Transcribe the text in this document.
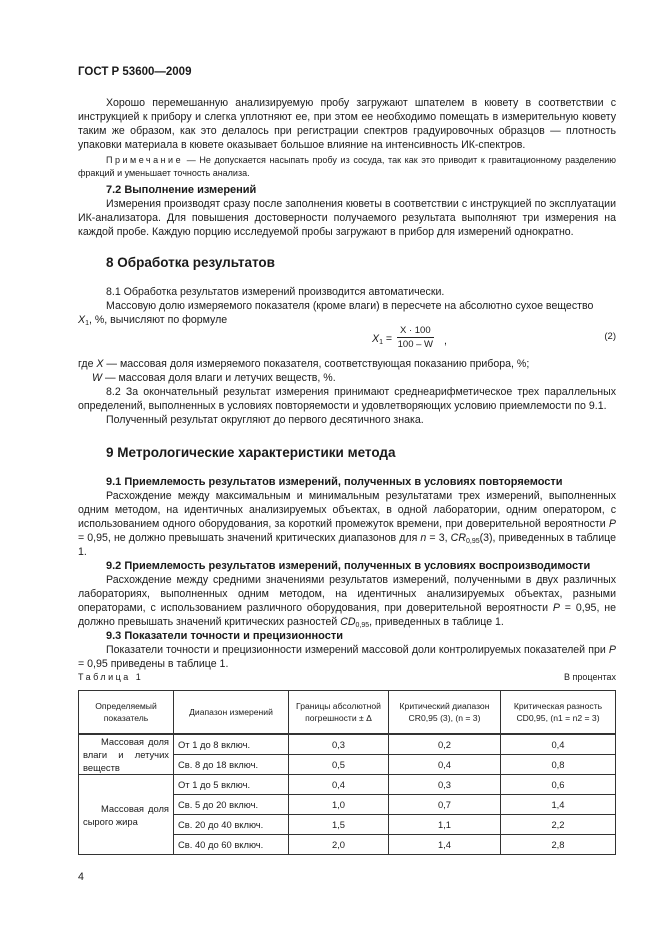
ГОСТ Р 53600—2009

Хорошо перемешанную анализируемую пробу загружают шпателем в кювету в соответствии с инструкцией к прибору и слегка уплотняют ее, при этом ее необходимо помещать в измерительную кювету таким же образом, как это делалось при регистрации спектров градуировочных образцов — плотность упаковки материала в кювете оказывает большое влияние на интенсивность ИК-спектров.

Примечание — Не допускается насыпать пробу из сосуда, так как это приводит к гравитационному разделению фракций и уменьшает точность анализа.

7.2 Выполнение измерений

Измерения производят сразу после заполнения кюветы в соответствии с инструкцией по эксплуатации ИК-анализатора. Для повышения достоверности получаемого результата выполняют три измерения на каждой пробе. Каждую порцию исследуемой пробы загружают в прибор для измерений однократно.

8 Обработка результатов

8.1 Обработка результатов измерений производится автоматически.

Массовую долю измеряемого показателя (кроме влаги) в пересчете на абсолютно сухое вещество

$X_1$, %, вычисляют по формуле

$X_1 = \frac{X \cdot 100}{100 - W}$ ,	(2)

где X — массовая доля измеряемого показателя, соответствующая показанию прибора, %;

W — массовая доля влаги и летучих веществ, %.

8.2 За окончательный результат измерения принимают среднеарифметическое трех параллельных определений, выполненных в условиях повторяемости и удовлетворяющих условию приемлемости по 9.1.

Полученный результат округляют до первого десятичного знака.

9 Метрологические характеристики метода
9.1 Приемлемость результатов измерений, полученных в условиях повторяемости

Расхождение между максимальным и минимальным результатами трех измерений, выполненных одним методом, на идентичных анализируемых объектах, в одной лаборатории, одним оператором, с использованием одного оборудования, за короткий промежуток времени, при доверительной вероятности P = 0,95, не должно превышать значений критических диапазонов для n = 3, $CR_{0,95}(3)$, приведенных в таблице 1.

9.2 Приемлемость результатов измерений, полученных в условиях воспроизводимости

Расхождение между средними значениями результатов измерений, полученными в двух различных лабораториях, выполненных одним методом, на идентичных анализируемых объектах, разными операторами, с использованием различного оборудования, при доверительной вероятности P = 0,95, не должно превышать значений критических разностей $CD_{0,95}$, приведенных в таблице 1.

9.3 Показатели точности и прецизионности

Показатели точности и прецизионности измерений массовой доли контролируемых показателей при P = 0,95 приведены в таблице 1.

Таблица 1	В процентах
Определяемый показатель	Диапазон измерений	Границы абсолютной погрешности ± Δ	Критический диапазон CR0,95 (3), (n = 3)	Критическая разность CD0,95, (n1 = n2 = 3)
Массовая доля влаги и летучих веществ	От 1 до 8 включ.	0,3	0,2	0,4
	Св. 8 до 18 включ.	0,5	0,4	0,8
Массовая доля сырого жира	От 1 до 5 включ.	0,4	0,3	0,6
	Св. 5 до 20 включ.	1,0	0,7	1,4
	Св. 20 до 40 включ.	1,5	1,1	2,2
	Св. 40 до 60 включ.	2,0	1,4	2,8
4
